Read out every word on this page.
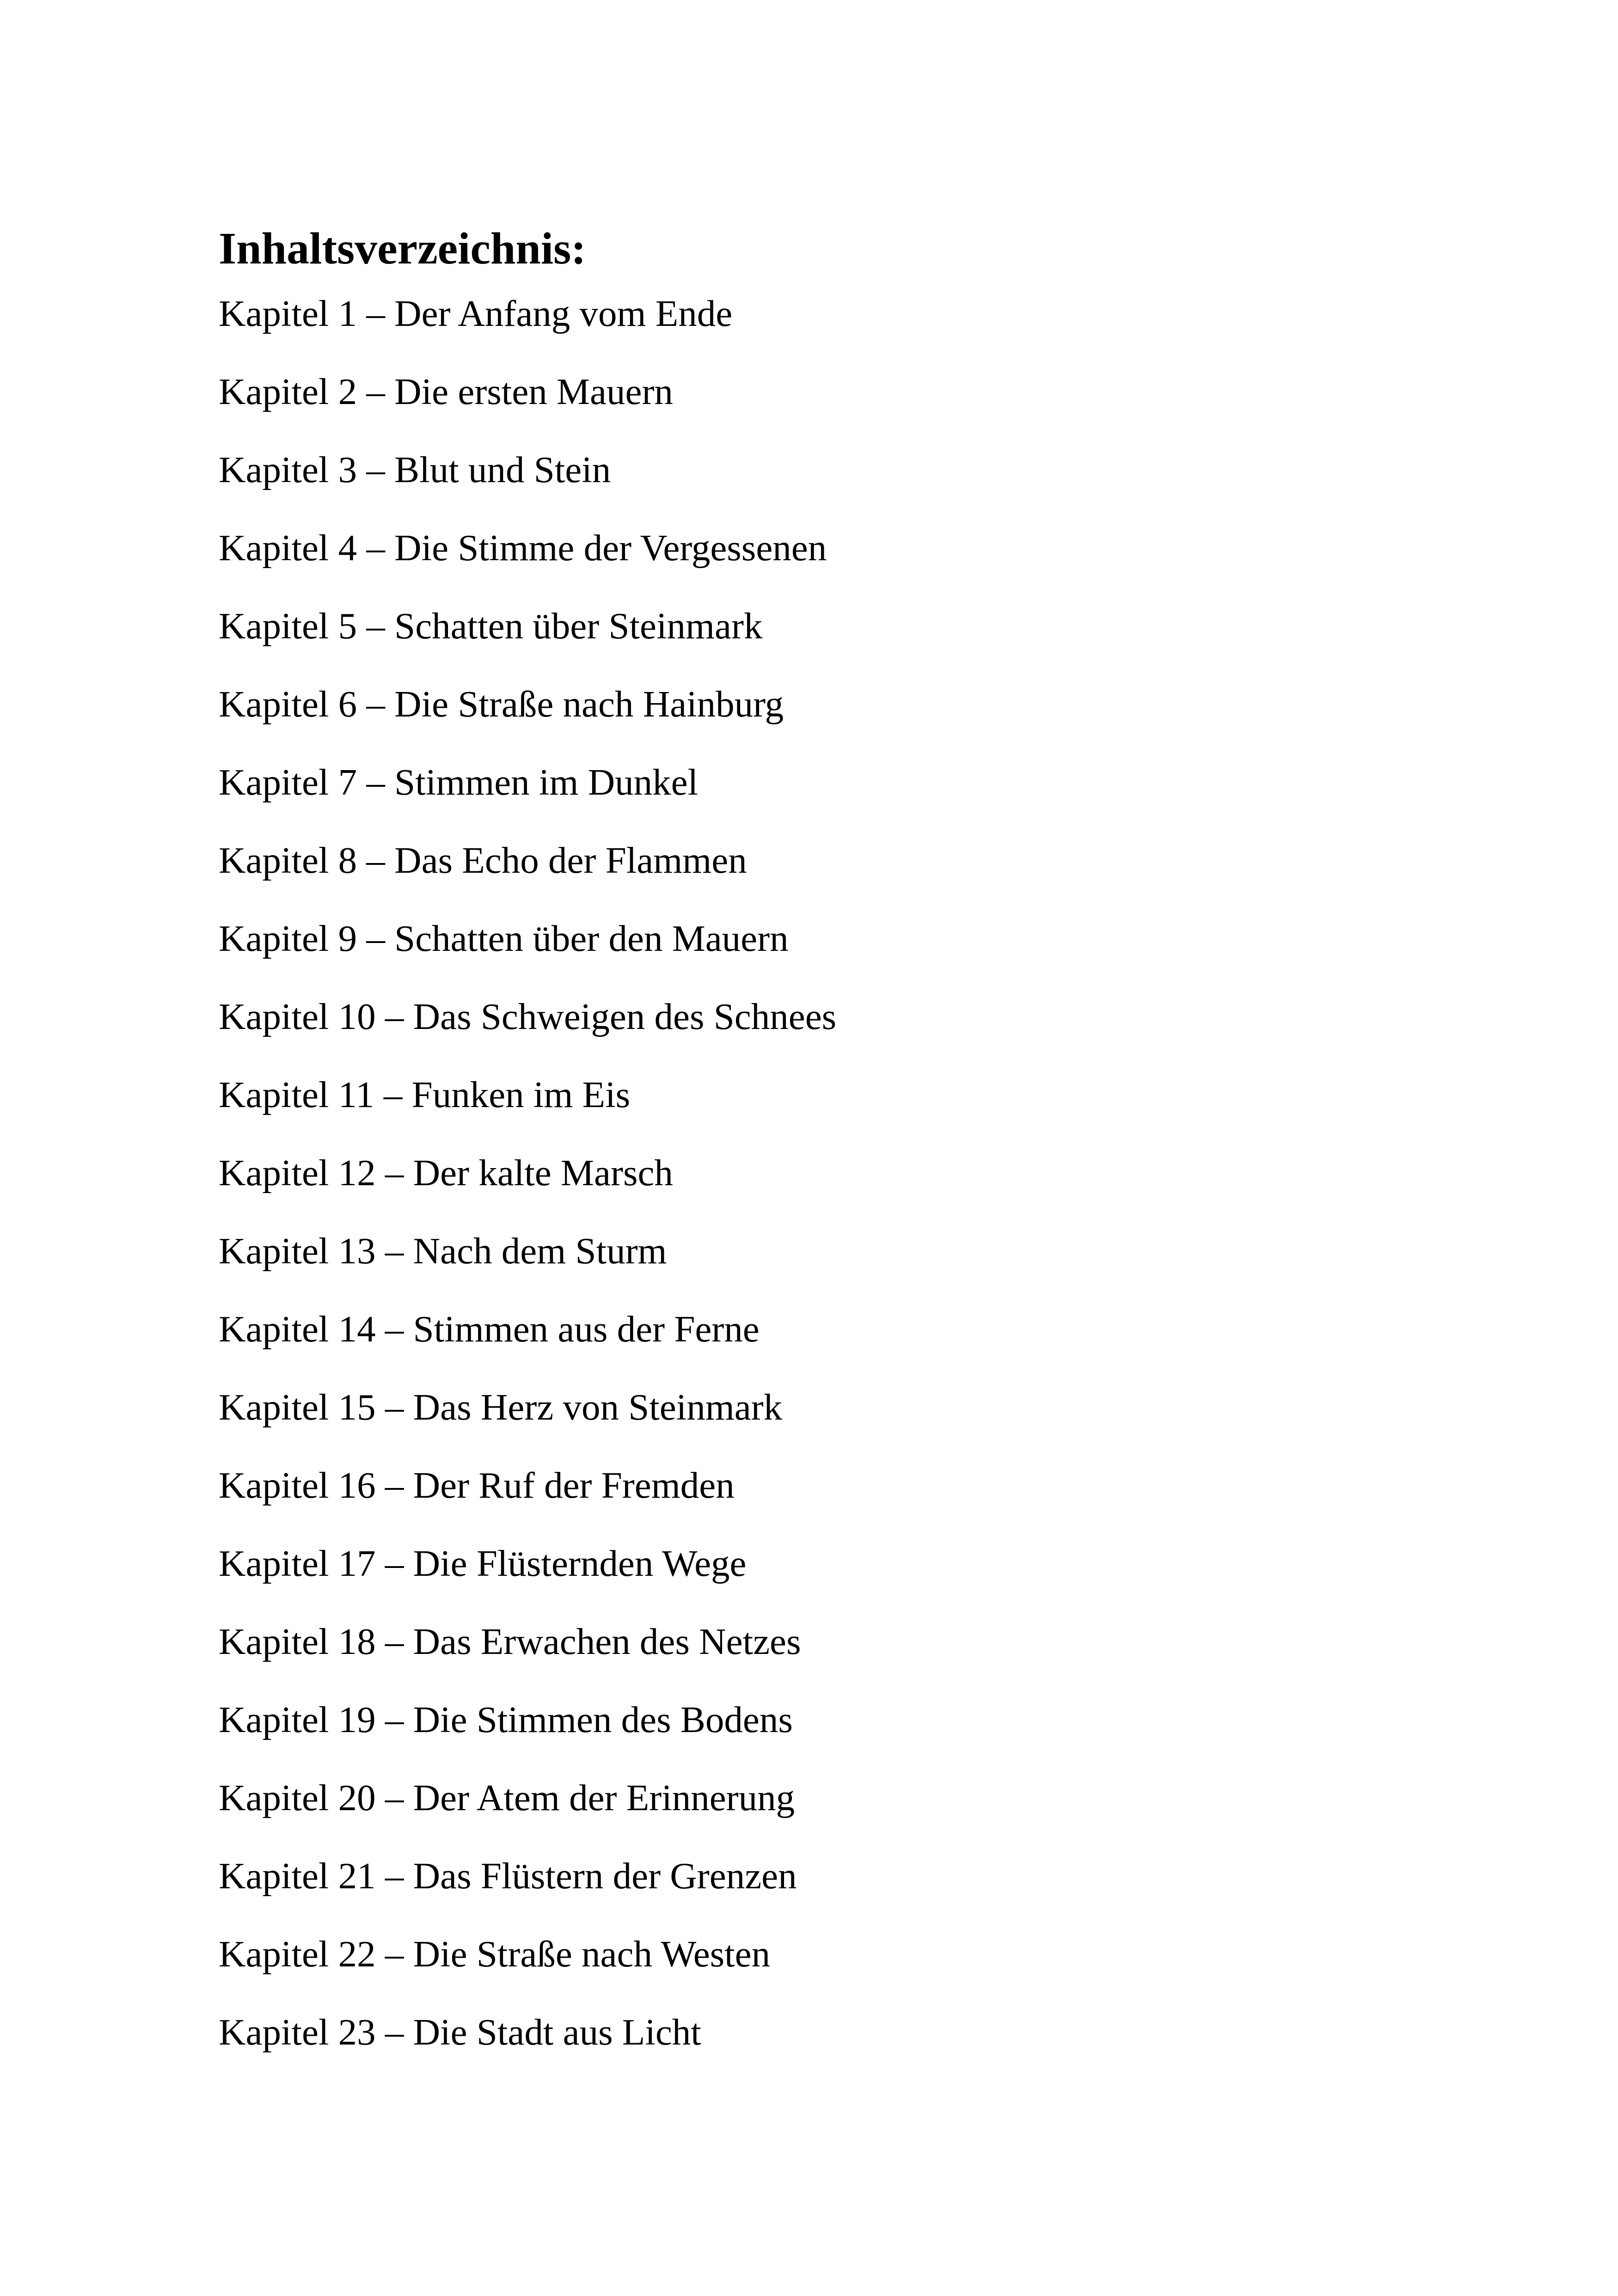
Inhaltsverzeichnis:
Kapitel 1 – Der Anfang vom Ende
Kapitel 2 – Die ersten Mauern
Kapitel 3 – Blut und Stein
Kapitel 4 – Die Stimme der Vergessenen
Kapitel 5 – Schatten über Steinmark
Kapitel 6 – Die Straße nach Hainburg
Kapitel 7 – Stimmen im Dunkel
Kapitel 8 – Das Echo der Flammen
Kapitel 9 – Schatten über den Mauern
Kapitel 10 – Das Schweigen des Schnees
Kapitel 11 – Funken im Eis
Kapitel 12 – Der kalte Marsch
Kapitel 13 – Nach dem Sturm
Kapitel 14 – Stimmen aus der Ferne
Kapitel 15 – Das Herz von Steinmark
Kapitel 16 – Der Ruf der Fremden
Kapitel 17 – Die Flüsternden Wege
Kapitel 18 – Das Erwachen des Netzes
Kapitel 19 – Die Stimmen des Bodens
Kapitel 20 – Der Atem der Erinnerung
Kapitel 21 – Das Flüstern der Grenzen
Kapitel 22 – Die Straße nach Westen
Kapitel 23 – Die Stadt aus Licht
